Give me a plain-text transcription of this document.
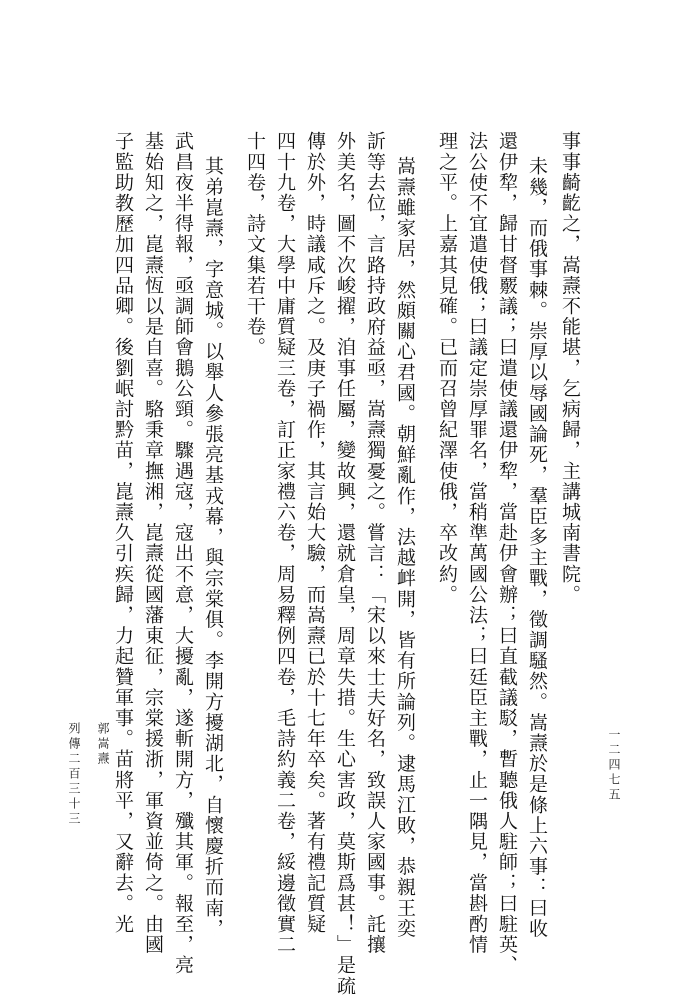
一二四七五
列傳二百三十三 郭嵩燾
事事齮齕之，嵩燾不能堪，乞病歸，主講城南書院。
未幾，而俄事棘。崇厚以辱國論死，羣臣多主戰，徵調騷然。嵩燾於是條上六事：曰收
還伊犂，歸甘督覈議；曰遣使議還伊犂，當赴伊會辦；曰直截議駁，暫聽俄人駐師；曰駐英、
法公使不宜遣使俄；曰議定崇厚罪名，當稍準萬國公法；曰廷臣主戰，止一隅見，當斟酌情
理之平。上嘉其見確。已而召曾紀澤使俄，卒改約。
嵩燾雖家居，然頗關心君國。朝鮮亂作，法越衅開，皆有所論列。逮馬江敗，恭親王奕
訢等去位，言路持政府益亟，嵩燾獨憂之。嘗言：「宋以來士夫好名，致誤人家國事。託攘
外美名，圖不次峻擢，洎事任屬，變故興，還就倉皇，周章失措。生心害政，莫斯爲甚！」是疏
傳於外，時議咸斥之。及庚子禍作，其言始大驗，而嵩燾已於十七年卒矣。著有禮記質疑
四十九卷，大學中庸質疑三卷，訂正家禮六卷，周易釋例四卷，毛詩約義二卷，綏邊徵實二
十四卷，詩文集若干卷。
其弟崑燾，字意城。以舉人參張亮基戎幕，與宗棠俱。李開方擾湖北，自懷慶折而南，
武昌夜半得報，亟調師會鵝公頸。驟遇寇，寇出不意，大擾亂，遂斬開方，殲其軍。報至，亮
基始知之，崑燾恆以是自喜。駱秉章撫湘，崑燾從國藩東征，宗棠援浙，軍資並倚之。由國
子監助教歷加四品卿。後劉岷討黔苗，崑燾久引疾歸，力起贊軍事。苗將平，又辭去。光
